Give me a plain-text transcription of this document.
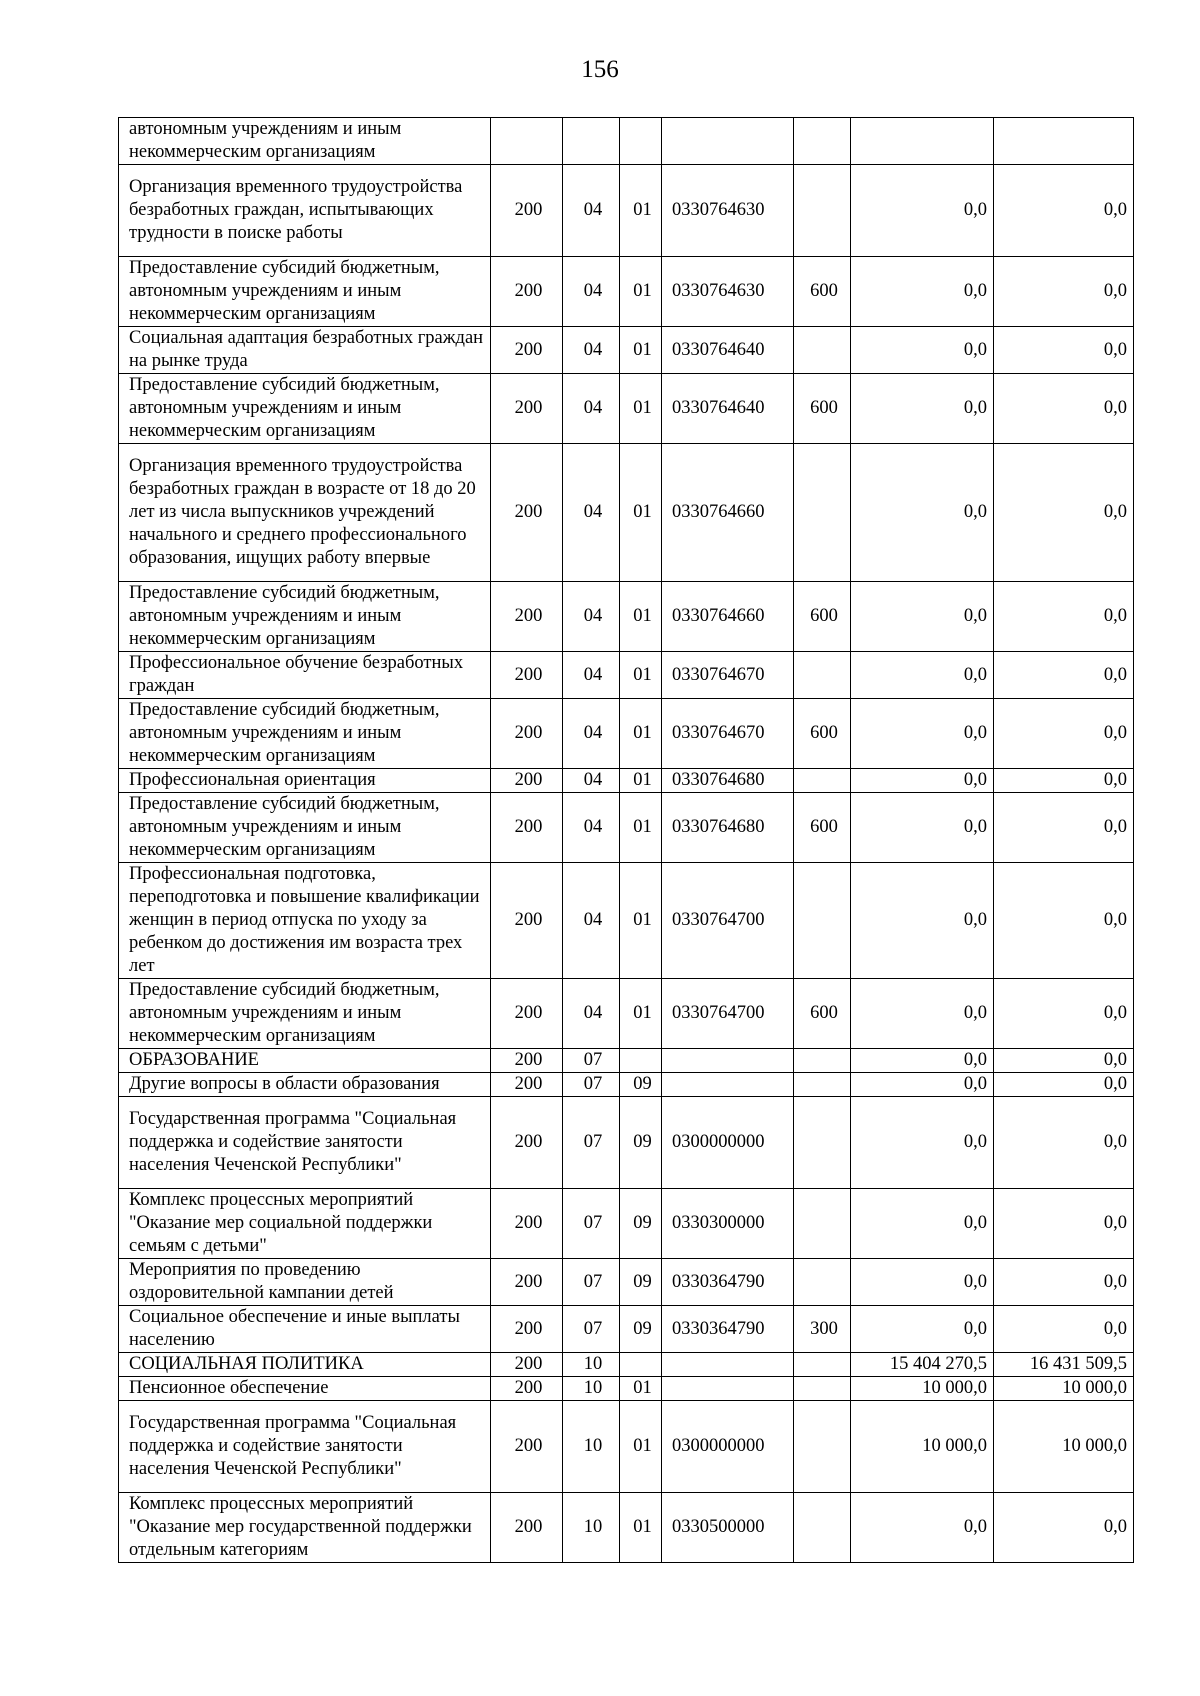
156
автономным учреждениям и иным некоммерческим организациям							
Организация временного трудоустройства безработных граждан, испытывающих трудности в поиске работы	200	04	01	0330764630		0,0	0,0
Предоставление субсидий бюджетным, автономным учреждениям и иным некоммерческим организациям	200	04	01	0330764630	600	0,0	0,0
Социальная адаптация безработных граждан на рынке труда	200	04	01	0330764640		0,0	0,0
Предоставление субсидий бюджетным, автономным учреждениям и иным некоммерческим организациям	200	04	01	0330764640	600	0,0	0,0
Организация временного трудоустройства безработных граждан в возрасте от 18 до 20 лет из числа выпускников учреждений начального и среднего профессионального образования, ищущих работу впервые	200	04	01	0330764660		0,0	0,0
Предоставление субсидий бюджетным, автономным учреждениям и иным некоммерческим организациям	200	04	01	0330764660	600	0,0	0,0
Профессиональное обучение безработных граждан	200	04	01	0330764670		0,0	0,0
Предоставление субсидий бюджетным, автономным учреждениям и иным некоммерческим организациям	200	04	01	0330764670	600	0,0	0,0
Профессиональная ориентация	200	04	01	0330764680		0,0	0,0
Предоставление субсидий бюджетным, автономным учреждениям и иным некоммерческим организациям	200	04	01	0330764680	600	0,0	0,0
Профессиональная подготовка, переподготовка и повышение квалификации женщин в период отпуска по уходу за ребенком до достижения им возраста трех лет	200	04	01	0330764700		0,0	0,0
Предоставление субсидий бюджетным, автономным учреждениям и иным некоммерческим организациям	200	04	01	0330764700	600	0,0	0,0
ОБРАЗОВАНИЕ	200	07				0,0	0,0
Другие вопросы в области образования	200	07	09			0,0	0,0
Государственная программа "Социальная поддержка и содействие занятости населения Чеченской Республики"	200	07	09	0300000000		0,0	0,0
Комплекс процессных мероприятий "Оказание мер социальной поддержки семьям с детьми"	200	07	09	0330300000		0,0	0,0
Мероприятия по проведению оздоровительной кампании детей	200	07	09	0330364790		0,0	0,0
Социальное обеспечение и иные выплаты населению	200	07	09	0330364790	300	0,0	0,0
СОЦИАЛЬНАЯ ПОЛИТИКА	200	10				15 404 270,5	16 431 509,5
Пенсионное обеспечение	200	10	01			10 000,0	10 000,0
Государственная программа "Социальная поддержка и содействие занятости населения Чеченской Республики"	200	10	01	0300000000		10 000,0	10 000,0
Комплекс процессных мероприятий "Оказание мер государственной поддержки отдельным категориям	200	10	01	0330500000		0,0	0,0
